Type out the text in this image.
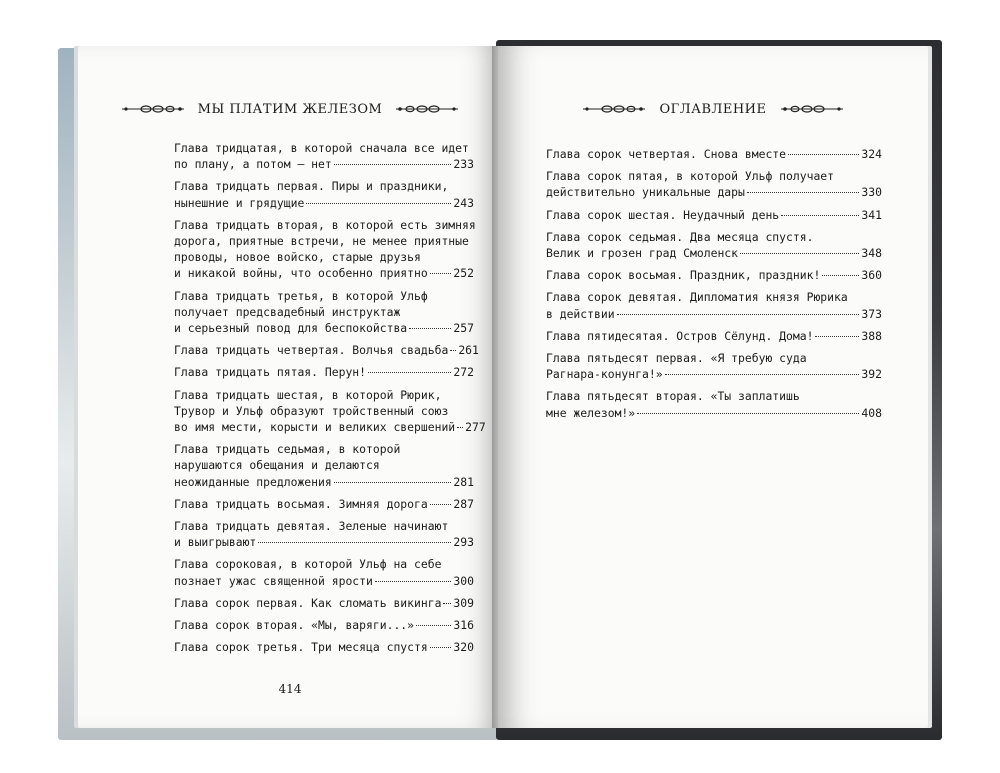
МЫ ПЛАТИМ ЖЕЛЕЗОМ
Глава тридцатая, в которой сначала все идет
по плану, а потом — нет	233
Глава тридцать первая. Пиры и праздники,
нынешние и грядущие	243
Глава тридцать вторая, в которой есть зимняя
дорога, приятные встречи, не менее приятные
проводы, новое войско, старые друзья
и никакой войны, что особенно приятно 252
Глава тридцать третья, в которой Ульф
получает предсвадебный инструктаж
и серьезный повод для беспокойства	257
Глава тридцать четвертая. Волчья свадьба 261
Глава тридцать пятая. Перун!	272
Глава тридцать шестая, в которой Рюрик,
Трувор и Ульф образуют тройственный союз
во имя мести, корысти и великих свершений 277
Глава тридцать седьмая, в которой
нарушаются обещания и делаются
неожиданные предложения	281
Глава тридцать восьмая. Зимняя дорога 287
Глава тридцать девятая. Зеленые начинают
и выигрывают	293
Глава сороковая, в которой Ульф на себе
познает ужас священной ярости	300
Глава сорок первая. Как сломать викинга 309
Глава сорок вторая. «Мы, варяги...»	316
Глава сорок третья. Три месяца спустя 320
414
ОГЛАВЛЕНИЕ
Глава сорок четвертая. Снова вместе	324
Глава сорок пятая, в которой Ульф получает
действительно уникальные дары	330
Глава сорок шестая. Неудачный день	341
Глава сорок седьмая. Два месяца спустя.
Велик и грозен град Смоленск	348
Глава сорок восьмая. Праздник, праздник!	360
Глава сорок девятая. Дипломатия князя Рюрика
в действии	373
Глава пятидесятая. Остров Сёлунд. Дома!	388
Глава пятьдесят первая. «Я требую суда
Рагнара-конунга!»	392
Глава пятьдесят вторая. «Ты заплатишь
мне железом!»	408
